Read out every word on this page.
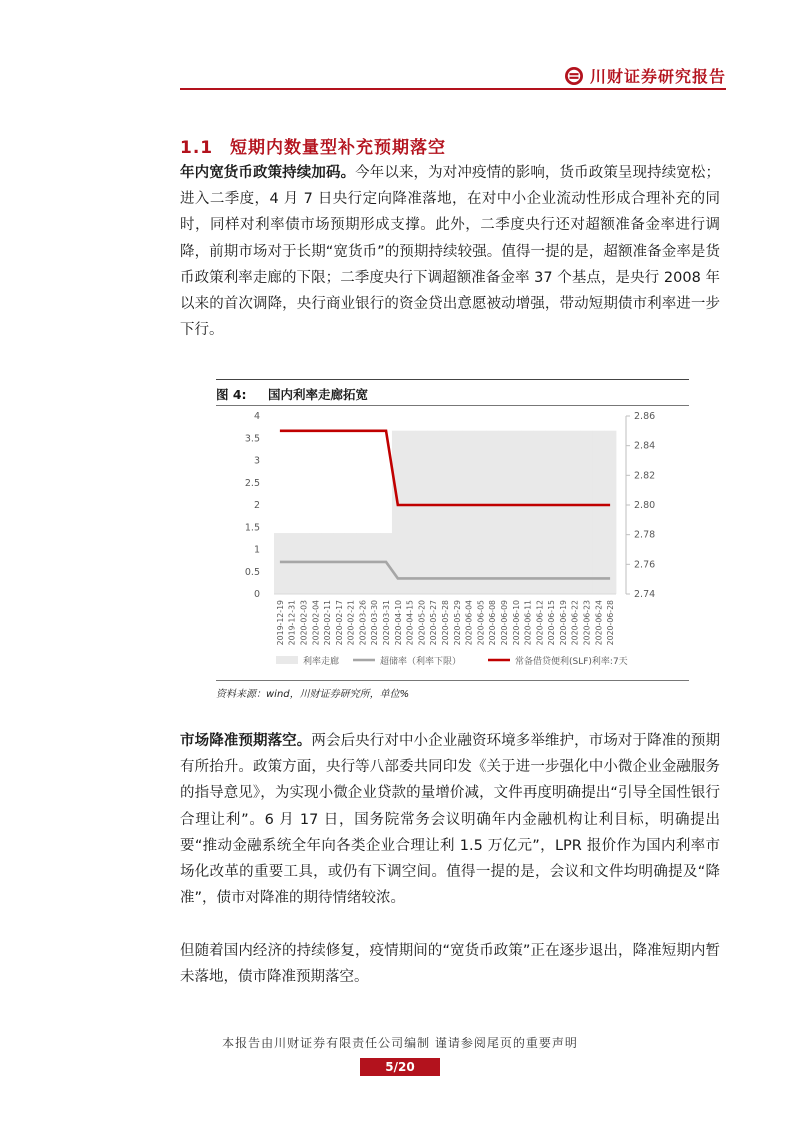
川财证券研究报告
1.1 短期内数量型补充预期落空
年内宽货币政策持续加码。今年以来，为对冲疫情的影响，货币政策呈现持续宽松；进入二季度，4 月 7 日央行定向降准落地，在对中小企业流动性形成合理补充的同时，同样对利率债市场预期形成支撑。此外，二季度央行还对超额准备金率进行调降，前期市场对于长期“宽货币”的预期持续较强。值得一提的是，超额准备金率是货币政策利率走廊的下限；二季度央行下调超额准备金率 37 个基点，是央行 2008 年以来的首次调降，央行商业银行的资金贷出意愿被动增强，带动短期债市利率进一步下行。
图 4: 国内利率走廊拓宽
0
0.5
1
1.5
2
2.5
3
3.5
4
2.74
2.76
2.78
2.80
2.82
2.84
2.86
2019-12-19 2019-12-31 2020-02-03 2020-02-04 2020-02-11 2020-02-17 2020-02-21 2020-03-26 2020-03-30 2020-03-31 2020-04-10 2020-04-15 2020-05-20 2020-05-27 2020-05-28 2020-05-29 2020-06-04 2020-06-05 2020-06-08 2020-06-09 2020-06-10 2020-06-11 2020-06-12 2020-06-15 2020-06-19 2020-06-22 2020-06-23 2020-06-24 2020-06-28
利率走廊	超储率（利率下限）	常备借贷便利(SLF)利率:7天
资料来源：wind，川财证券研究所，单位%
市场降准预期落空。两会后央行对中小企业融资环境多举维护，市场对于降准的预期有所抬升。政策方面，央行等八部委共同印发《关于进一步强化中小微企业金融服务的指导意见》，为实现小微企业贷款的量增价减，文件再度明确提出“引导全国性银行合理让利”。6 月 17 日，国务院常务会议明确年内金融机构让利目标，明确提出要“推动金融系统全年向各类企业合理让利 1.5 万亿元”，LPR 报价作为国内利率市场化改革的重要工具，或仍有下调空间。值得一提的是，会议和文件均明确提及“降准”，债市对降准的期待情绪较浓。
但随着国内经济的持续修复，疫情期间的“宽货币政策”正在逐步退出，降准短期内暂未落地，债市降准预期落空。
本报告由川财证券有限责任公司编制 谨请参阅尾页的重要声明
5/20
